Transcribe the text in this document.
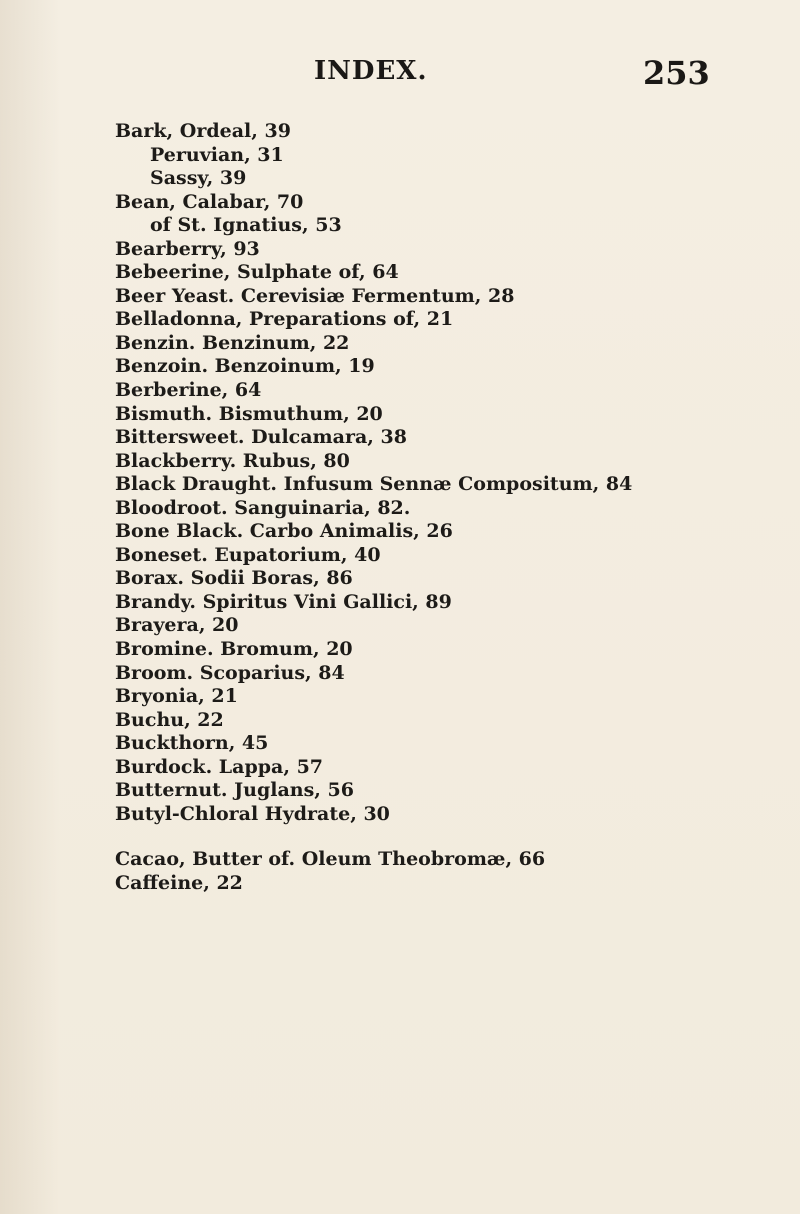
INDEX.	253
Bark, Ordeal, 39
Peruvian, 31
Sassy, 39
Bean, Calabar, 70
of St. Ignatius, 53
Bearberry, 93
Bebeerine, Sulphate of, 64
Beer Yeast. Cerevisiæ Fermentum, 28
Belladonna, Preparations of, 21
Benzin. Benzinum, 22
Benzoin. Benzoinum, 19
Berberine, 64
Bismuth. Bismuthum, 20
Bittersweet. Dulcamara, 38
Blackberry. Rubus, 80
Black Draught. Infusum Sennæ Compositum, 84
Bloodroot. Sanguinaria, 82.
Bone Black. Carbo Animalis, 26
Boneset. Eupatorium, 40
Borax. Sodii Boras, 86
Brandy. Spiritus Vini Gallici, 89
Brayera, 20
Bromine. Bromum, 20
Broom. Scoparius, 84
Bryonia, 21
Buchu, 22
Buckthorn, 45
Burdock. Lappa, 57
Butternut. Juglans, 56
Butyl-Chloral Hydrate, 30
Cacao, Butter of. Oleum Theobromæ, 66
Caffeine, 22
